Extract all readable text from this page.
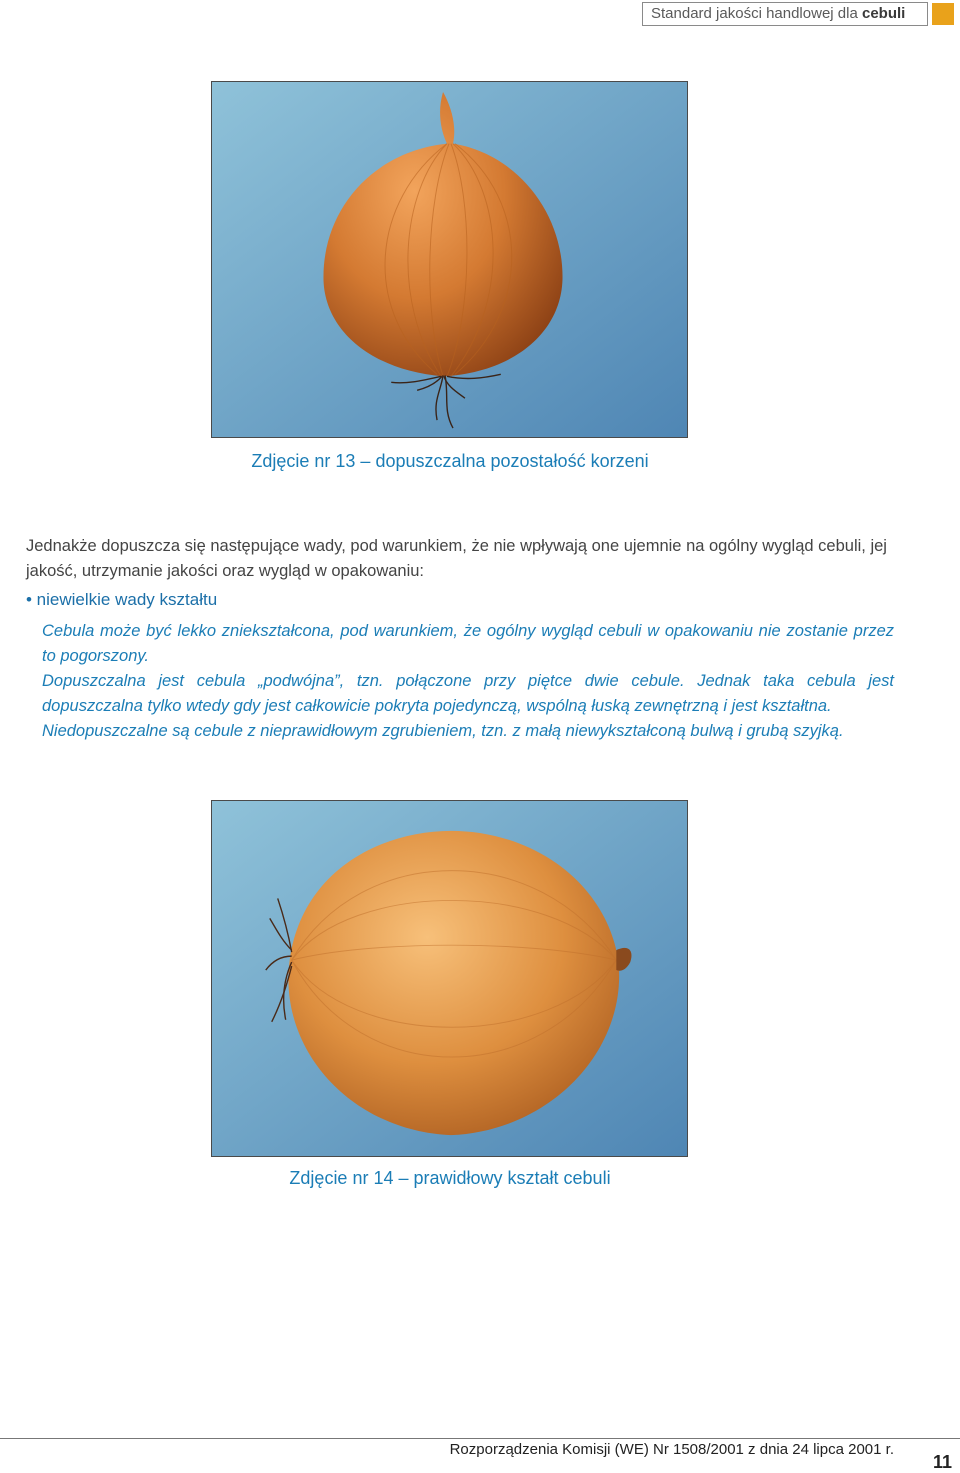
Standard jakości handlowej dla cebuli
Zdjęcie nr 13 – dopuszczalna pozostałość korzeni
Jednakże dopuszcza się następujące wady, pod warunkiem, że nie wpływają one ujemnie na ogólny wygląd cebuli, jej jakość, utrzymanie jakości oraz wygląd w opakowaniu:
• niewielkie wady kształtu

Cebula może być lekko zniekształcona, pod warunkiem, że ogólny wygląd cebuli w opakowaniu nie zostanie przez to pogorszony.

Dopuszczalna jest cebula „podwójna”, tzn. połączone przy piętce dwie cebule. Jednak taka cebula jest dopuszczalna tylko wtedy gdy jest całkowicie pokryta pojedynczą, wspólną łuską zewnętrzną i jest kształtna.

Niedopuszczalne są cebule z nieprawidłowym zgrubieniem, tzn. z małą niewykształconą bulwą i grubą szyjką.

Zdjęcie nr 14 – prawidłowy kształt cebuli
Rozporządzenia Komisji (WE) Nr 1508/2001 z dnia 24 lipca 2001 r.
11
